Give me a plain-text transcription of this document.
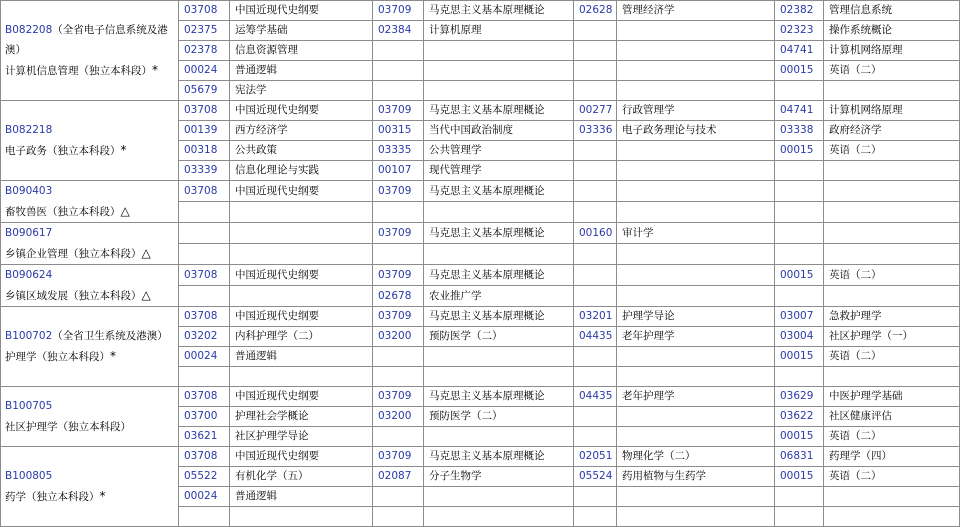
B082208（全省电子信息系统及港澳）
计算机信息管理（独立本科段）*	03708	中国近现代史纲要	03709	马克思主义基本原理概论	02628	管理经济学	02382	管理信息系统
	02375	运筹学基础	02384	计算机原理			02323	操作系统概论
	02378	信息资源管理					04741	计算机网络原理
	00024	普通逻辑					00015	英语（二）
	05679	宪法学						

B082218
电子政务（独立本科段）*	03708	中国近现代史纲要	03709	马克思主义基本原理概论	00277	行政管理学	04741	计算机网络原理
	00139	西方经济学	00315	当代中国政治制度	03336	电子政务理论与技术	03338	政府经济学
	00318	公共政策	03335	公共管理学			00015	英语（二）
	03339	信息化理论与实践	00107	现代管理学				

B090403
畜牧兽医（独立本科段）△	03708	中国近现代史纲要	03709	马克思主义基本原理概论				

B090617
乡镇企业管理（独立本科段）△			03709	马克思主义基本原理概论	00160	审计学		

B090624
乡镇区域发展（独立本科段）△	03708	中国近现代史纲要	03709	马克思主义基本原理概论			00015	英语（二）
			02678	农业推广学				

B100702（全省卫生系统及港澳）
护理学（独立本科段）*	03708	中国近现代史纲要	03709	马克思主义基本原理概论	03201	护理学导论	03007	急救护理学
	03202	内科护理学（二）	03200	预防医学（二）	04435	老年护理学	03004	社区护理学（一）
	00024	普通逻辑					00015	英语（二）

B100705
社区护理学（独立本科段）	03708	中国近现代史纲要	03709	马克思主义基本原理概论	04435	老年护理学	03629	中医护理学基础
	03700	护理社会学概论	03200	预防医学（二）			03622	社区健康评估
	03621	社区护理学导论					00015	英语（二）

B100805
药学（独立本科段）*	03708	中国近现代史纲要	03709	马克思主义基本原理概论	02051	物理化学（二）	06831	药理学（四）
	05522	有机化学（五）	02087	分子生物学	05524	药用植物与生药学	00015	英语（二）
	00024	普通逻辑						
